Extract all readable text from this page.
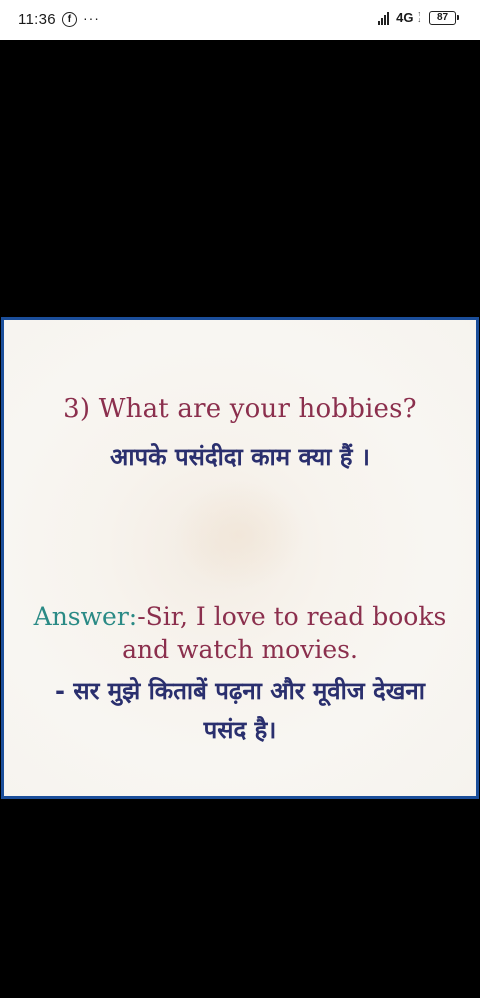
11:36	f ···	4G ↑
↓	87
3) What are your hobbies?
आपके पसंदीदा काम क्या हैं ।
Answer:-Sir, I love to read books
and watch movies.
- सर मुझे किताबें पढ़ना और मूवीज देखना
पसंद है।
